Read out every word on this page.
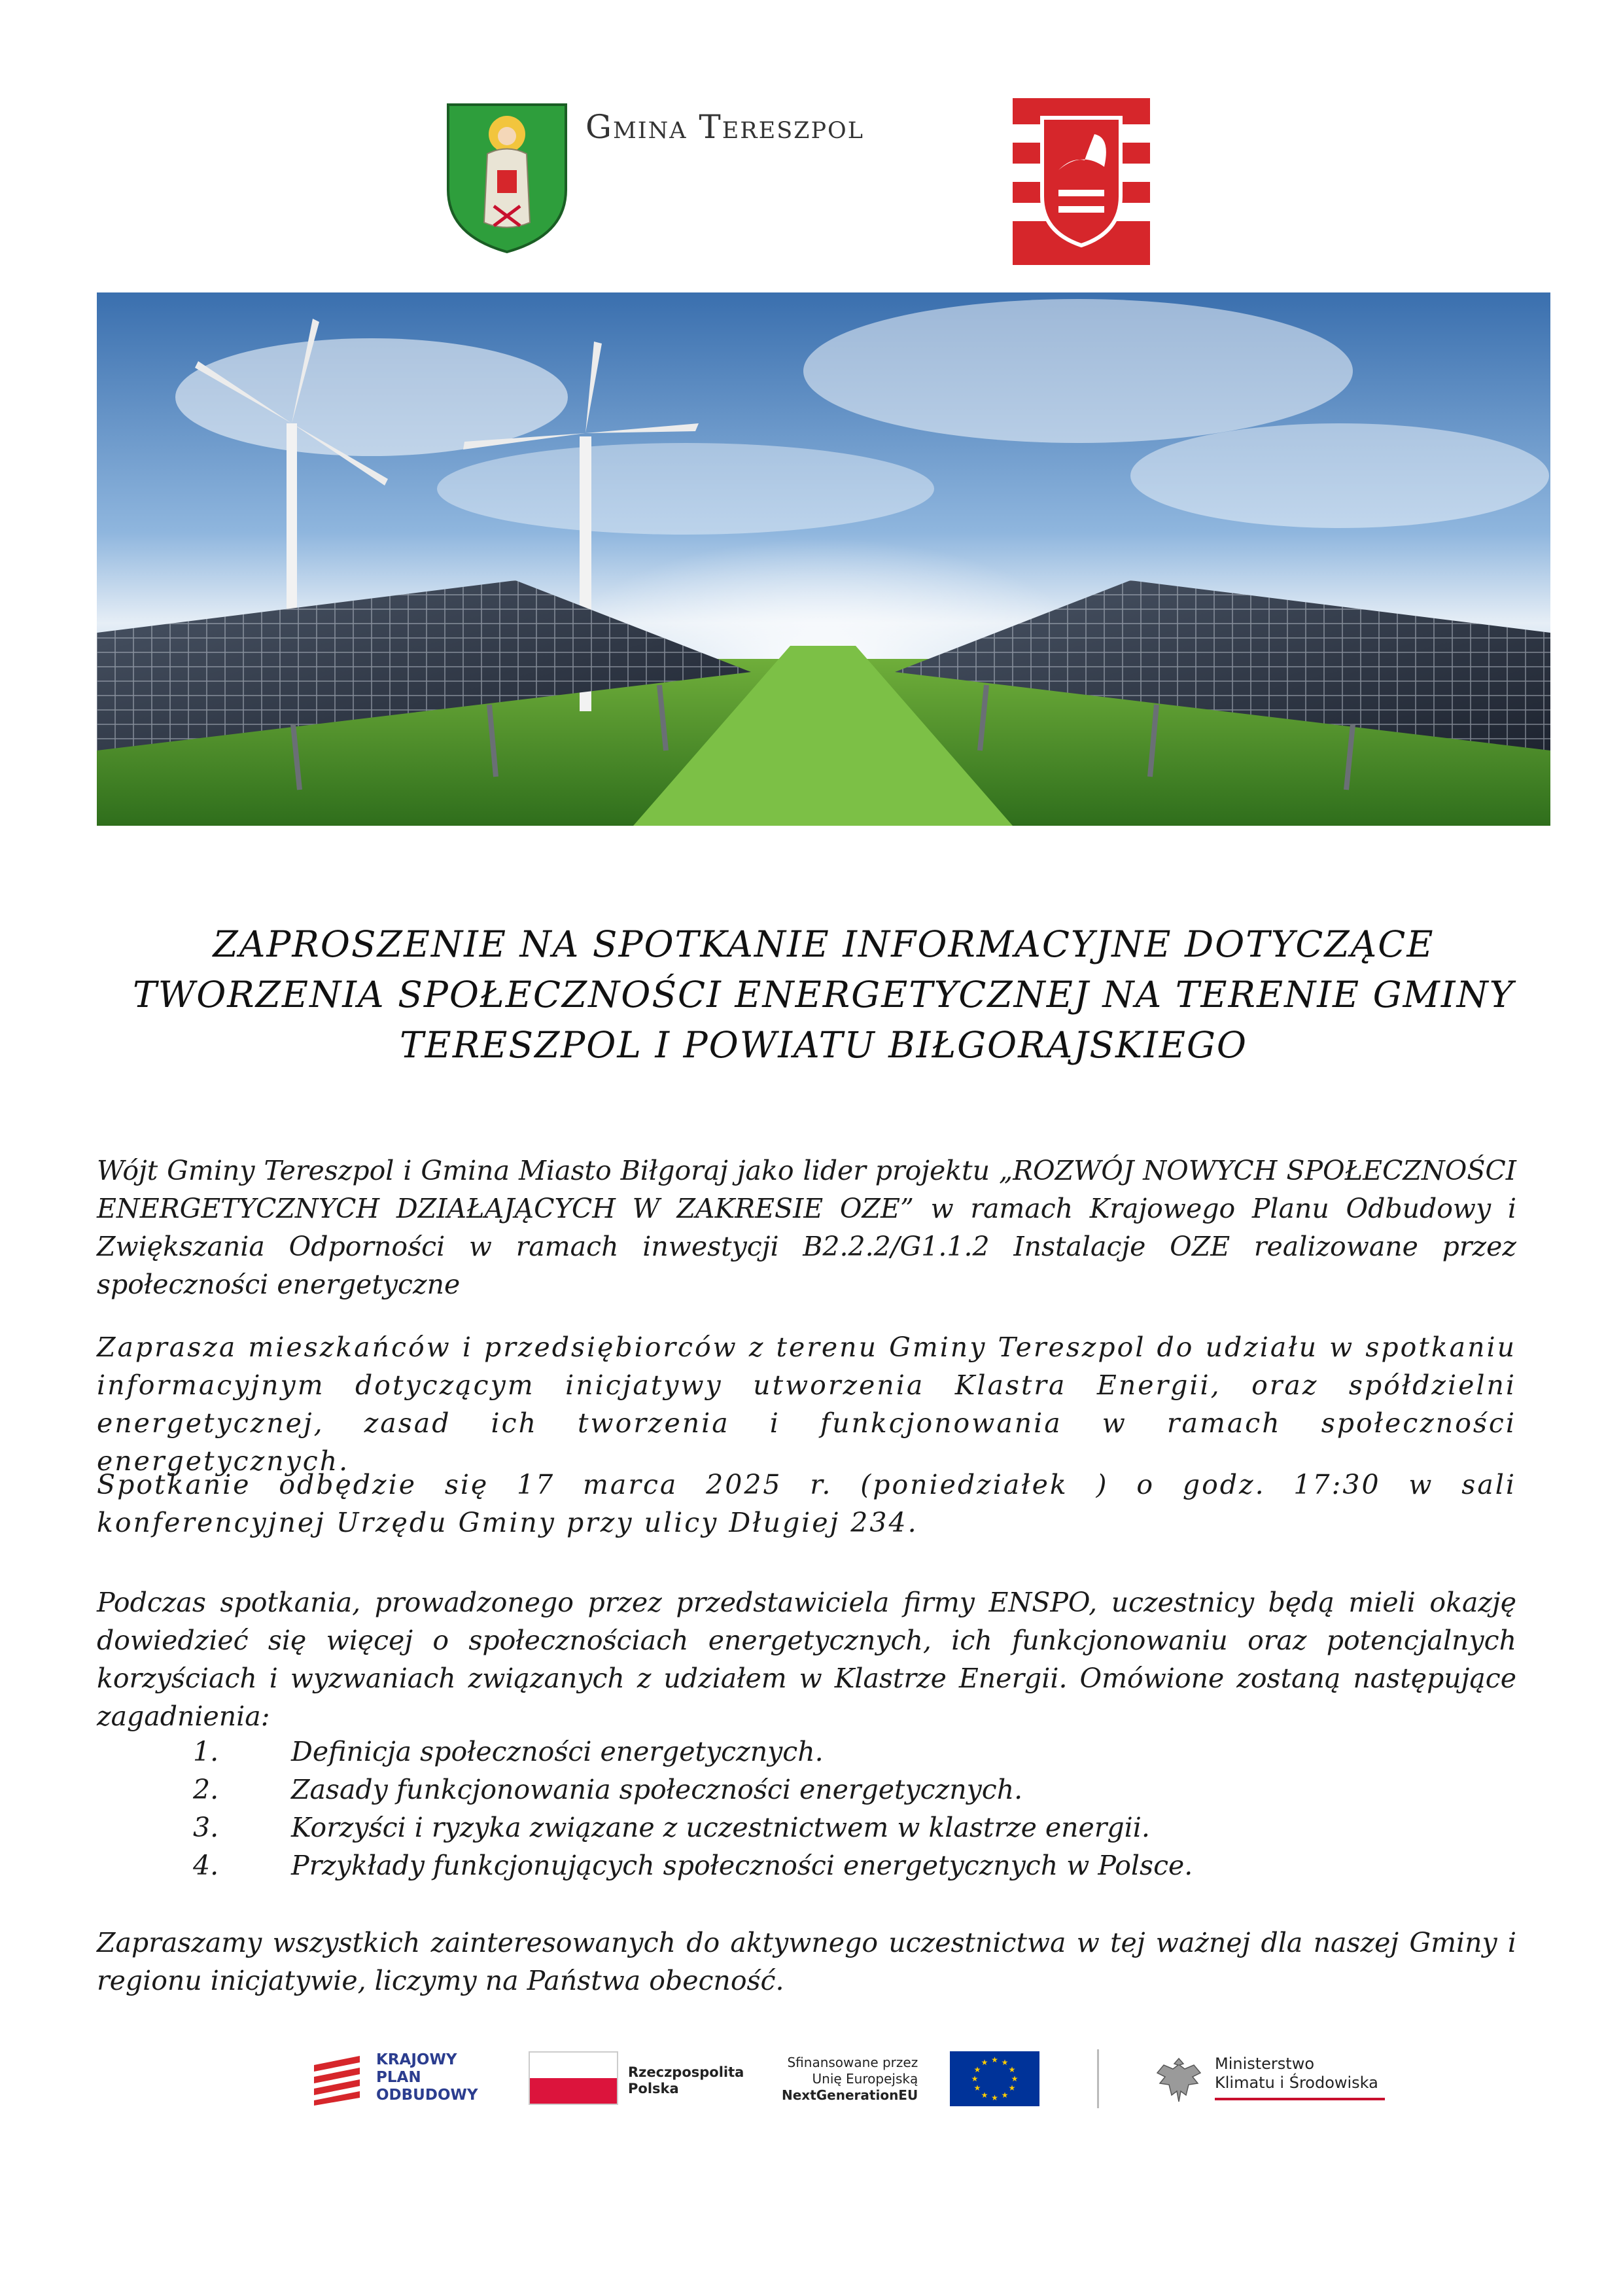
Gmina Tereszpol
ZAPROSZENIE NA SPOTKANIE INFORMACYJNE DOTYCZĄCE
TWORZENIA SPOŁECZNOŚCI ENERGETYCZNEJ NA TERENIE GMINY
TERESZPOL I POWIATU BIŁGORAJSKIEGO
Wójt Gminy Tereszpol i Gmina Miasto Biłgoraj jako lider projektu „ROZWÓJ NOWYCH SPOŁECZNOŚCI ENERGETYCZNYCH DZIAŁAJĄCYCH W ZAKRESIE OZE” w ramach Krajowego Planu Odbudowy i Zwiększania Odporności w ramach inwestycji B2.2.2/G1.1.2 Instalacje OZE realizowane przez społeczności energetyczne
Zaprasza mieszkańców i przedsiębiorców z terenu Gminy Tereszpol do udziału w spotkaniu informacyjnym dotyczącym inicjatywy utworzenia Klastra Energii, oraz spółdzielni energetycznej, zasad ich tworzenia i funkcjonowania w ramach społeczności energetycznych.
Spotkanie odbędzie się 17 marca 2025 r. (poniedziałek ) o godz. 17:30 w sali konferencyjnej Urzędu Gminy przy ulicy Długiej 234.
Podczas spotkania, prowadzonego przez przedstawiciela firmy ENSPO, uczestnicy będą mieli okazję dowiedzieć się więcej o społecznościach energetycznych, ich funkcjonowaniu oraz potencjalnych korzyściach i wyzwaniach związanych z udziałem w Klastrze Energii. Omówione zostaną następujące zagadnienia:
1.	Definicja społeczności energetycznych.
2.	Zasady funkcjonowania społeczności energetycznych.
3.	Korzyści i ryzyka związane z uczestnictwem w klastrze energii.
4.	Przykłady funkcjonujących społeczności energetycznych w Polsce.
Zapraszamy wszystkich zainteresowanych do aktywnego uczestnictwa w tej ważnej dla naszej Gminy i regionu inicjatywie, liczymy na Państwa obecność.
KRAJOWY
PLAN
ODBUDOWY
Rzeczpospolita
Polska
Sfinansowane przez
Unię Europejską
NextGenerationEU
★ ★
★
★
★
★
★
★
★
★
★
★	Ministerstwo
Klimatu i Środowiska
